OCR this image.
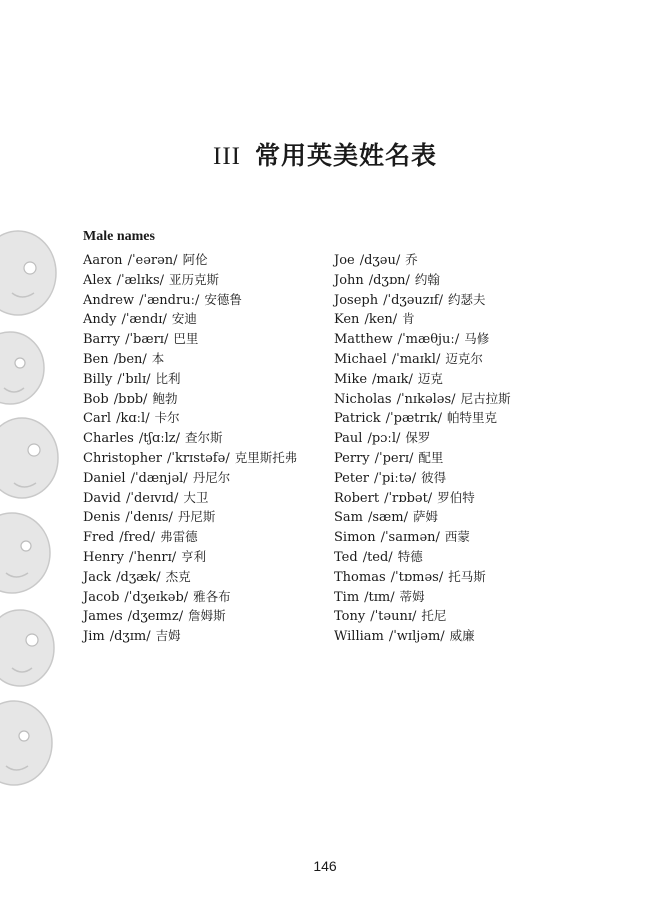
III 常用英美姓名表
Male names
Aaron /ˈeərən/ 阿伦
Alex /ˈælɪks/ 亚历克斯
Andrew /ˈændruː/ 安德鲁
Andy /ˈændɪ/ 安迪
Barry /ˈbærɪ/ 巴里
Ben /ben/ 本
Billy /ˈbɪlɪ/ 比利
Bob /bɒb/ 鲍勃
Carl /kɑːl/ 卡尔
Charles /tʃɑːlz/ 查尔斯
Christopher /ˈkrɪstəfə/ 克里斯托弗
Daniel /ˈdænjəl/ 丹尼尔
David /ˈdeɪvɪd/ 大卫
Denis /ˈdenɪs/ 丹尼斯
Fred /fred/ 弗雷德
Henry /ˈhenrɪ/ 亨利
Jack /dʒæk/ 杰克
Jacob /ˈdʒeɪkəb/ 雅各布
James /dʒeɪmz/ 詹姆斯
Jim /dʒɪm/ 吉姆
Joe /dʒəu/ 乔
John /dʒɒn/ 约翰
Joseph /ˈdʒəuzɪf/ 约瑟夫
Ken /ken/ 肯
Matthew /ˈmæθjuː/ 马修
Michael /ˈmaɪkl/ 迈克尔
Mike /maɪk/ 迈克
Nicholas /ˈnɪkələs/ 尼古拉斯
Patrick /ˈpætrɪk/ 帕特里克
Paul /pɔːl/ 保罗
Perry /ˈperɪ/ 配里
Peter /ˈpiːtə/ 彼得
Robert /ˈrɒbət/ 罗伯特
Sam /sæm/ 萨姆
Simon /ˈsaɪmən/ 西蒙
Ted /ted/ 特德
Thomas /ˈtɒməs/ 托马斯
Tim /tɪm/ 蒂姆
Tony /ˈtəunɪ/ 托尼
William /ˈwɪljəm/ 威廉
146
